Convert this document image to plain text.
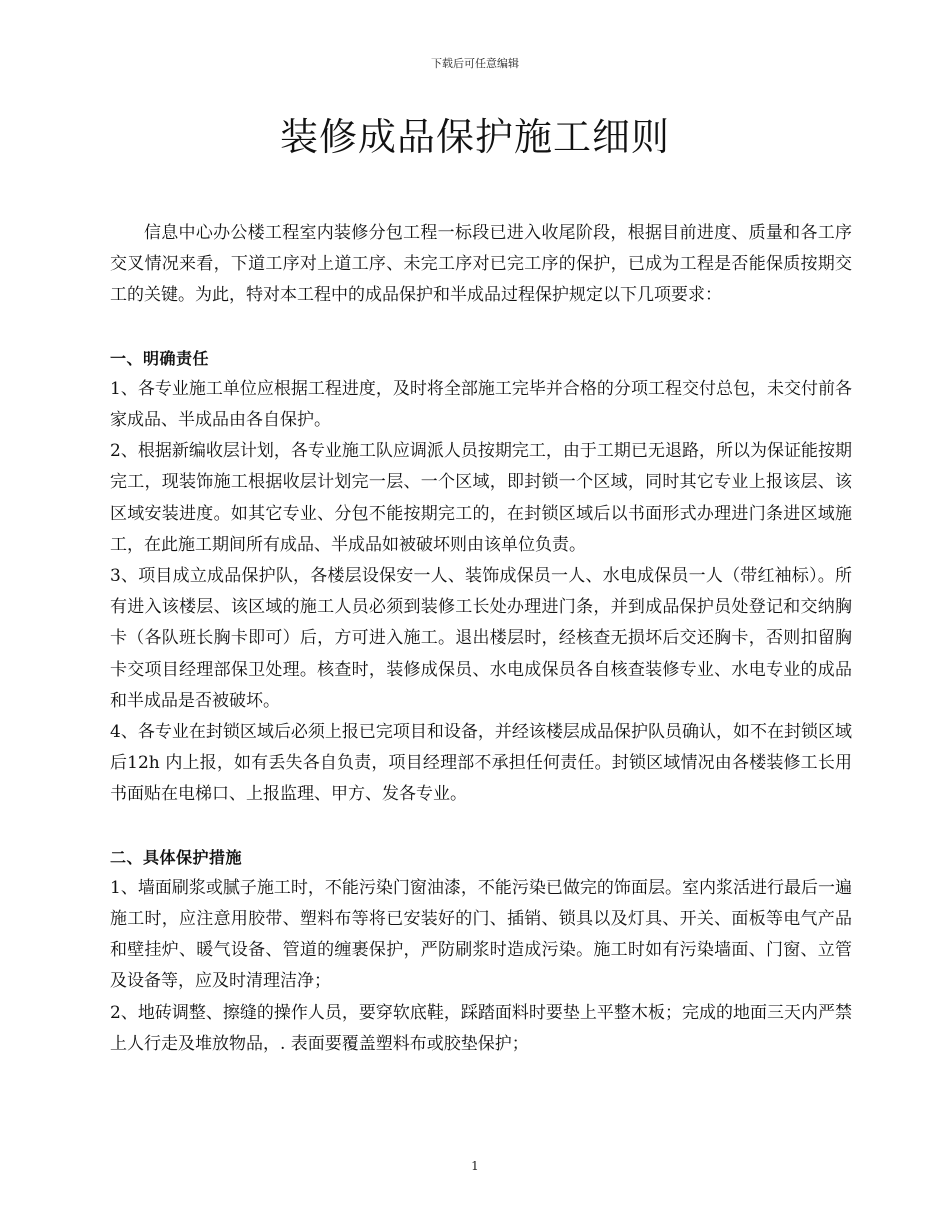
下载后可任意编辑
装修成品保护施工细则

信息中心办公楼工程室内装修分包工程一标段已进入收尾阶段，根据目前进度、质量和各工序交叉情况来看，下道工序对上道工序、未完工序对已完工序的保护，已成为工程是否能保质按期交工的关键。为此，特对本工程中的成品保护和半成品过程保护规定以下几项要求：

一、明确责任

1、各专业施工单位应根据工程进度，及时将全部施工完毕并合格的分项工程交付总包，未交付前各家成品、半成品由各自保护。

2、根据新编收层计划，各专业施工队应调派人员按期完工，由于工期已无退路，所以为保证能按期完工，现装饰施工根据收层计划完一层、一个区域，即封锁一个区域，同时其它专业上报该层、该区域安装进度。如其它专业、分包不能按期完工的，在封锁区域后以书面形式办理进门条进区域施工，在此施工期间所有成品、半成品如被破坏则由该单位负责。

3、项目成立成品保护队，各楼层设保安一人、装饰成保员一人、水电成保员一人（带红袖标）。所有进入该楼层、该区域的施工人员必须到装修工长处办理进门条，并到成品保护员处登记和交纳胸卡（各队班长胸卡即可）后，方可进入施工。退出楼层时，经核查无损坏后交还胸卡，否则扣留胸卡交项目经理部保卫处理。核查时，装修成保员、水电成保员各自核查装修专业、水电专业的成品和半成品是否被破坏。

4、各专业在封锁区域后必须上报已完项目和设备，并经该楼层成品保护队员确认，如不在封锁区域后12h 内上报，如有丢失各自负责，项目经理部不承担任何责任。封锁区域情况由各楼装修工长用书面贴在电梯口、上报监理、甲方、发各专业。

二、具体保护措施

1、墙面刷浆或腻子施工时，不能污染门窗油漆，不能污染已做完的饰面层。室内浆活进行最后一遍施工时，应注意用胶带、塑料布等将已安装好的门、插销、锁具以及灯具、开关、面板等电气产品和壁挂炉、暖气设备、管道的缠裹保护，严防刷浆时造成污染。施工时如有污染墙面、门窗、立管及设备等，应及时清理洁净；

2、地砖调整、擦缝的操作人员，要穿软底鞋，踩踏面料时要垫上平整木板；完成的地面三天内严禁上人行走及堆放物品，. 表面要覆盖塑料布或胶垫保护；

1
